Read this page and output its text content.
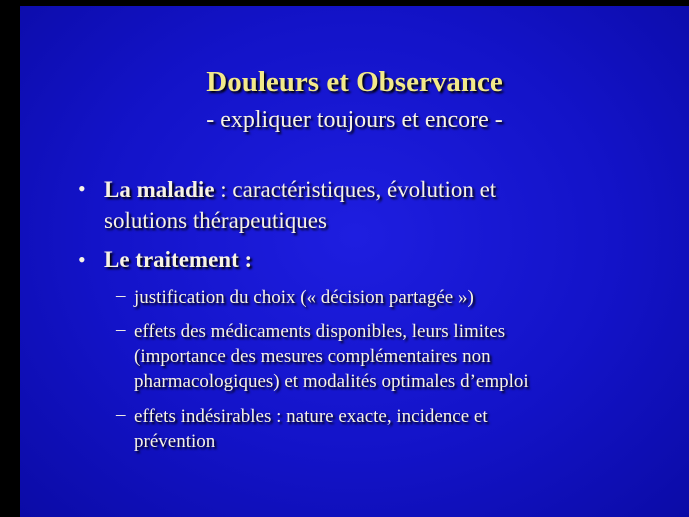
Douleurs et Observance
- expliquer toujours et encore -
• La maladie : caractéristiques, évolution et
solutions thérapeutiques
• Le traitement :
– justification du choix (« décision partagée »)
– effets des médicaments disponibles, leurs limites
(importance des mesures complémentaires non
pharmacologiques) et modalités optimales d’emploi
– effets indésirables : nature exacte, incidence et
prévention
